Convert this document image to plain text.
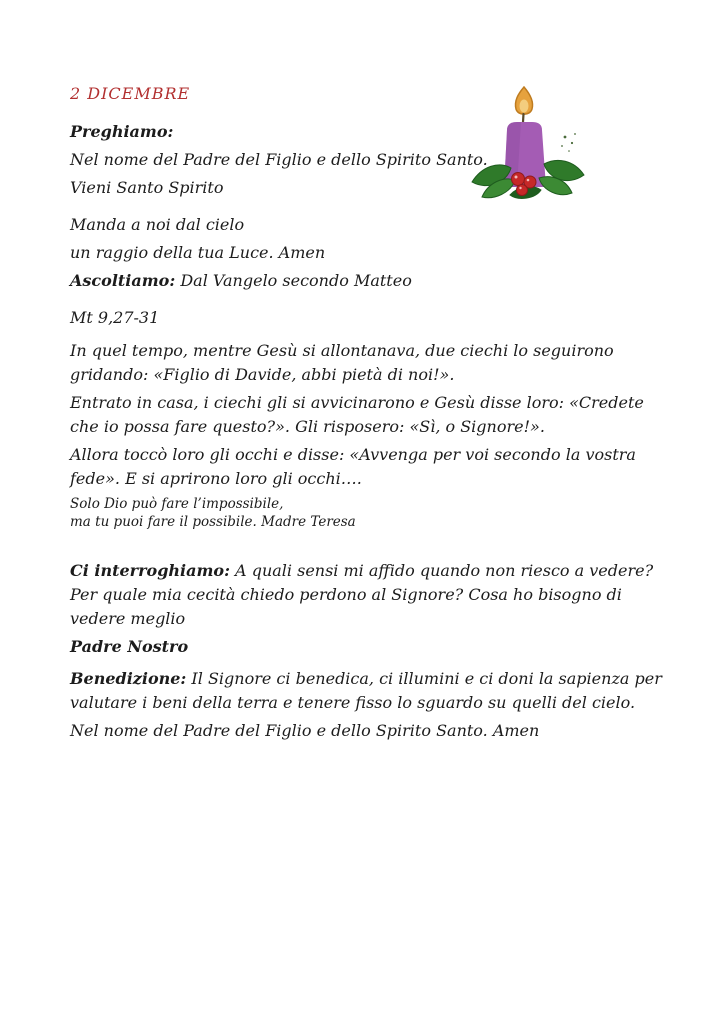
2 DICEMBRE

Preghiamo:

Nel nome del Padre del Figlio e dello Spirito Santo.

Vieni Santo Spirito

Manda a noi dal cielo

un raggio della tua Luce. Amen

Ascoltiamo: Dal Vangelo secondo Matteo

Mt 9,27-31

In quel tempo, mentre Gesù si allontanava, due ciechi lo seguirono gridando: «Figlio di Davide, abbi pietà di noi!».

Entrato in casa, i ciechi gli si avvicinarono e Gesù disse loro: «Credete che io possa fare questo?». Gli risposero: «Sì, o Signore!».

Allora toccò loro gli occhi e disse: «Avvenga per voi secondo la vostra fede». E si aprirono loro gli occhi….

Solo Dio può fare l’impossibile,

ma tu puoi fare il possibile. Madre Teresa

Ci interroghiamo: A quali sensi mi affido quando non riesco a vedere? Per quale mia cecità chiedo perdono al Signore? Cosa ho bisogno di vedere meglio

Padre Nostro

Benedizione: Il Signore ci benedica, ci illumini e ci doni la sapienza per valutare i beni della terra e tenere fisso lo sguardo su quelli del cielo.

Nel nome del Padre del Figlio e dello Spirito Santo. Amen
